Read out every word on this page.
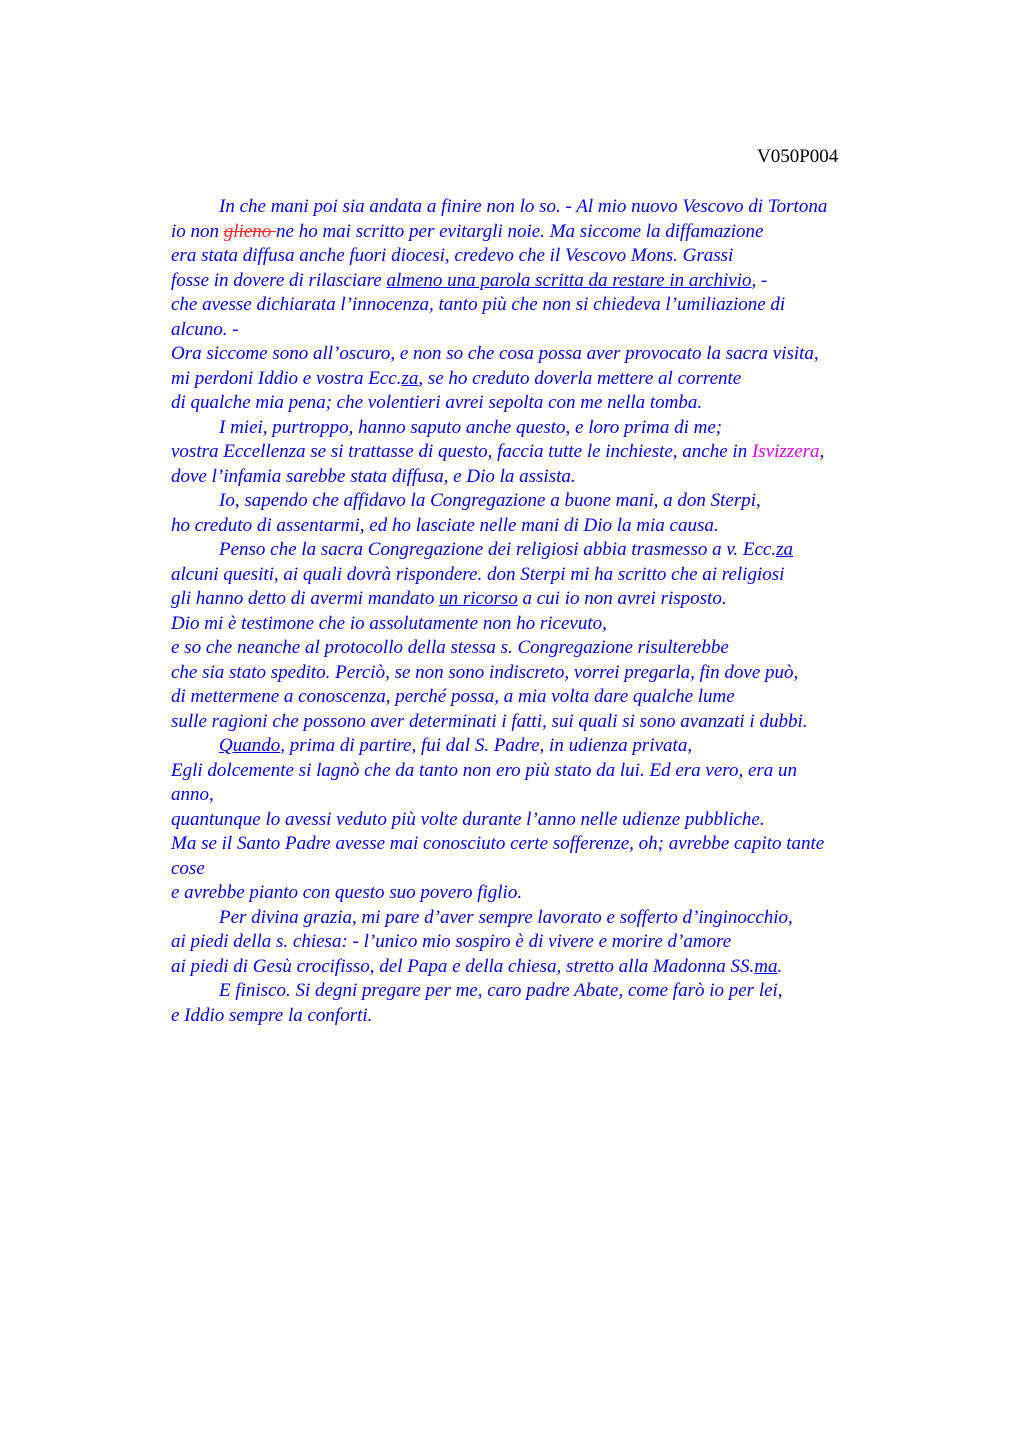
V050P004
In che mani poi sia andata a finire non lo so. - Al mio nuovo Vescovo di Tortona
io non glieno ne ho mai scritto per evitargli noie. Ma siccome la diffamazione
era stata diffusa anche fuori diocesi, credevo che il Vescovo Mons. Grassi
fosse in dovere di rilasciare almeno una parola scritta da restare in archivio, -
che avesse dichiarata l’innocenza, tanto più che non si chiedeva l’umiliazione di
alcuno. -
Ora siccome sono all’oscuro, e non so che cosa possa aver provocato la sacra visita,
mi perdoni Iddio e vostra Ecc.za, se ho creduto doverla mettere al corrente
di qualche mia pena; che volentieri avrei sepolta con me nella tomba.
I miei, purtroppo, hanno saputo anche questo, e loro prima di me;
vostra Eccellenza se si trattasse di questo, faccia tutte le inchieste, anche in Isvizzera,
dove l’infamia sarebbe stata diffusa, e Dio la assista.
Io, sapendo che affidavo la Congregazione a buone mani, a don Sterpi,
ho creduto di assentarmi, ed ho lasciate nelle mani di Dio la mia causa.
Penso che la sacra Congregazione dei religiosi abbia trasmesso a v. Ecc.za
alcuni quesiti, ai quali dovrà rispondere. don Sterpi mi ha scritto che ai religiosi
gli hanno detto di avermi mandato un ricorso a cui io non avrei risposto.
Dio mi è testimone che io assolutamente non ho ricevuto,
e so che neanche al protocollo della stessa s. Congregazione risulterebbe
che sia stato spedito. Perciò, se non sono indiscreto, vorrei pregarla, fin dove può,
di mettermene a conoscenza, perché possa, a mia volta dare qualche lume
sulle ragioni che possono aver determinati i fatti, sui quali si sono avanzati i dubbi.
Quando, prima di partire, fui dal S. Padre, in udienza privata,
Egli dolcemente si lagnò che da tanto non ero più stato da lui. Ed era vero, era un
anno,
quantunque lo avessi veduto più volte durante l’anno nelle udienze pubbliche.
Ma se il Santo Padre avesse mai conosciuto certe sofferenze, oh; avrebbe capito tante
cose
e avrebbe pianto con questo suo povero figlio.
Per divina grazia, mi pare d’aver sempre lavorato e sofferto d’inginocchio,
ai piedi della s. chiesa: - l’unico mio sospiro è di vivere e morire d’amore
ai piedi di Gesù crocifisso, del Papa e della chiesa, stretto alla Madonna SS.ma.
E finisco. Si degni pregare per me, caro padre Abate, come farò io per lei,
e Iddio sempre la conforti.
